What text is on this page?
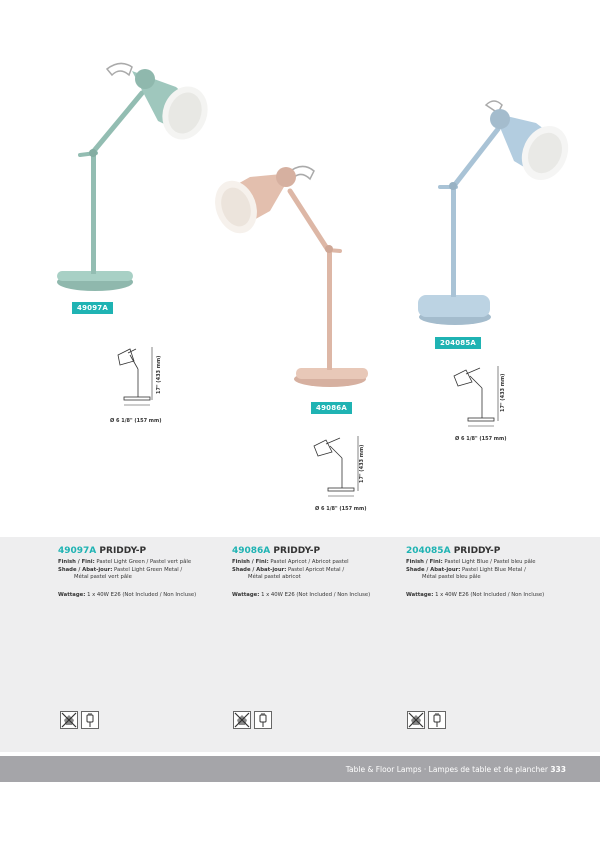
49097A
49086A
204085A
17" (433 mm)
Ø 6 1/8" (157 mm)
17" (433 mm)
Ø 6 1/8" (157 mm)
17" (433 mm)
Ø 6 1/8" (157 mm)
49097A PRIDDY-P
Finish / Fini: Pastel Light Green / Pastel vert pâle
Shade / Abat-jour: Pastel Light Green Metal /
Métal pastel vert pâle
Wattage: 1 x 40W E26 (Not Included / Non Incluse)
49086A PRIDDY-P
Finish / Fini: Pastel Apricot / Abricot pastel
Shade / Abat-jour: Pastel Apricot Metal /
Métal pastel abricot
Wattage: 1 x 40W E26 (Not Included / Non Incluse)
204085A PRIDDY-P
Finish / Fini: Pastel Light Blue / Pastel bleu pâle
Shade / Abat-jour: Pastel Light Blue Metal /
Métal pastel bleu pâle
Wattage: 1 x 40W E26 (Not Included / Non Incluse)
Table & Floor Lamps · Lampes de table et de plancher 333
